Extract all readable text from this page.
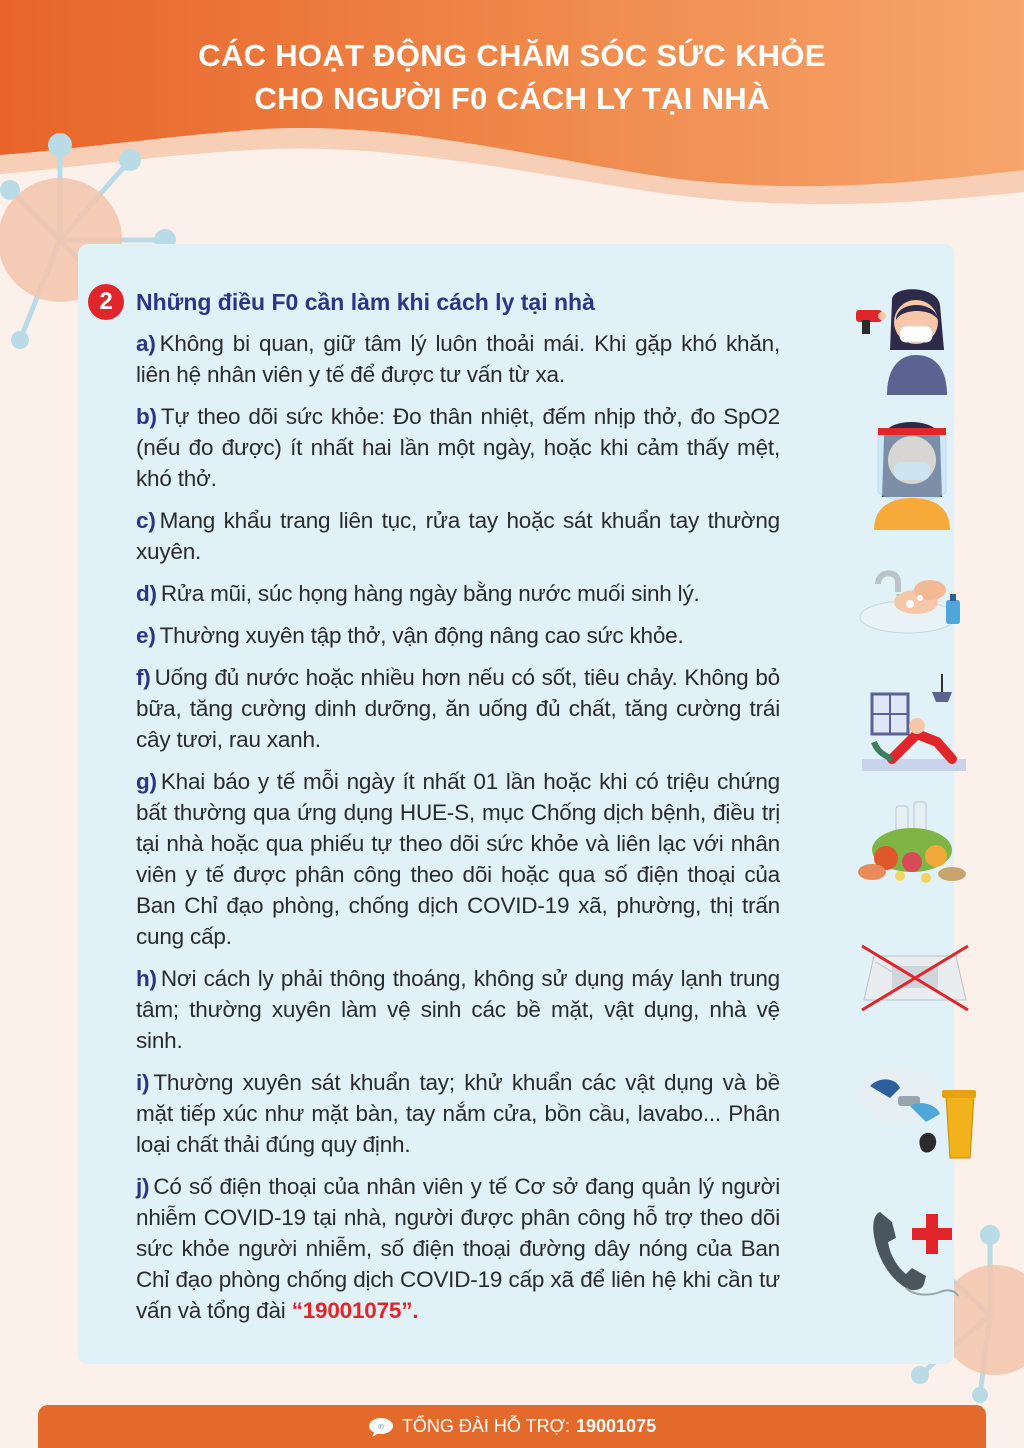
CÁC HOẠT ĐỘNG CHĂM SÓC SỨC KHỎE
CHO NGƯỜI F0 CÁCH LY TẠI NHÀ
2	Những điều F0 cần làm khi cách ly tại nhà
a) Không bi quan, giữ tâm lý luôn thoải mái. Khi gặp khó khăn, liên hệ nhân viên y tế để được tư vấn từ xa.
b) Tự theo dõi sức khỏe: Đo thân nhiệt, đếm nhịp thở, đo SpO2 (nếu đo được) ít nhất hai lần một ngày, hoặc khi cảm thấy mệt, khó thở.
c) Mang khẩu trang liên tục, rửa tay hoặc sát khuẩn tay thường xuyên.
d) Rửa mũi, súc họng hàng ngày bằng nước muối sinh lý.
e) Thường xuyên tập thở, vận động nâng cao sức khỏe.
f) Uống đủ nước hoặc nhiều hơn nếu có sốt, tiêu chảy. Không bỏ bữa, tăng cường dinh dưỡng, ăn uống đủ chất, tăng cường trái cây tươi, rau xanh.
g) Khai báo y tế mỗi ngày ít nhất 01 lần hoặc khi có triệu chứng bất thường qua ứng dụng HUE-S, mục Chống dịch bệnh, điều trị tại nhà hoặc qua phiếu tự theo dõi sức khỏe và liên lạc với nhân viên y tế được phân công theo dõi hoặc qua số điện thoại của Ban Chỉ đạo phòng, chống dịch COVID-19 xã, phường, thị trấn cung cấp.
h) Nơi cách ly phải thông thoáng, không sử dụng máy lạnh trung tâm; thường xuyên làm vệ sinh các bề mặt, vật dụng, nhà vệ sinh.
i) Thường xuyên sát khuẩn tay; khử khuẩn các vật dụng và bề mặt tiếp xúc như mặt bàn, tay nắm cửa, bồn cầu, lavabo... Phân loại chất thải đúng quy định.
j) Có số điện thoại của nhân viên y tế Cơ sở đang quản lý người nhiễm COVID-19 tại nhà, người được phân công hỗ trợ theo dõi sức khỏe người nhiễm, số điện thoại đường dây nóng của Ban Chỉ đạo phòng chống dịch COVID-19 cấp xã để liên hệ khi cần tư vấn và tổng đài “19001075”.
✆ TỔNG ĐÀI HỖ TRỢ: 19001075
